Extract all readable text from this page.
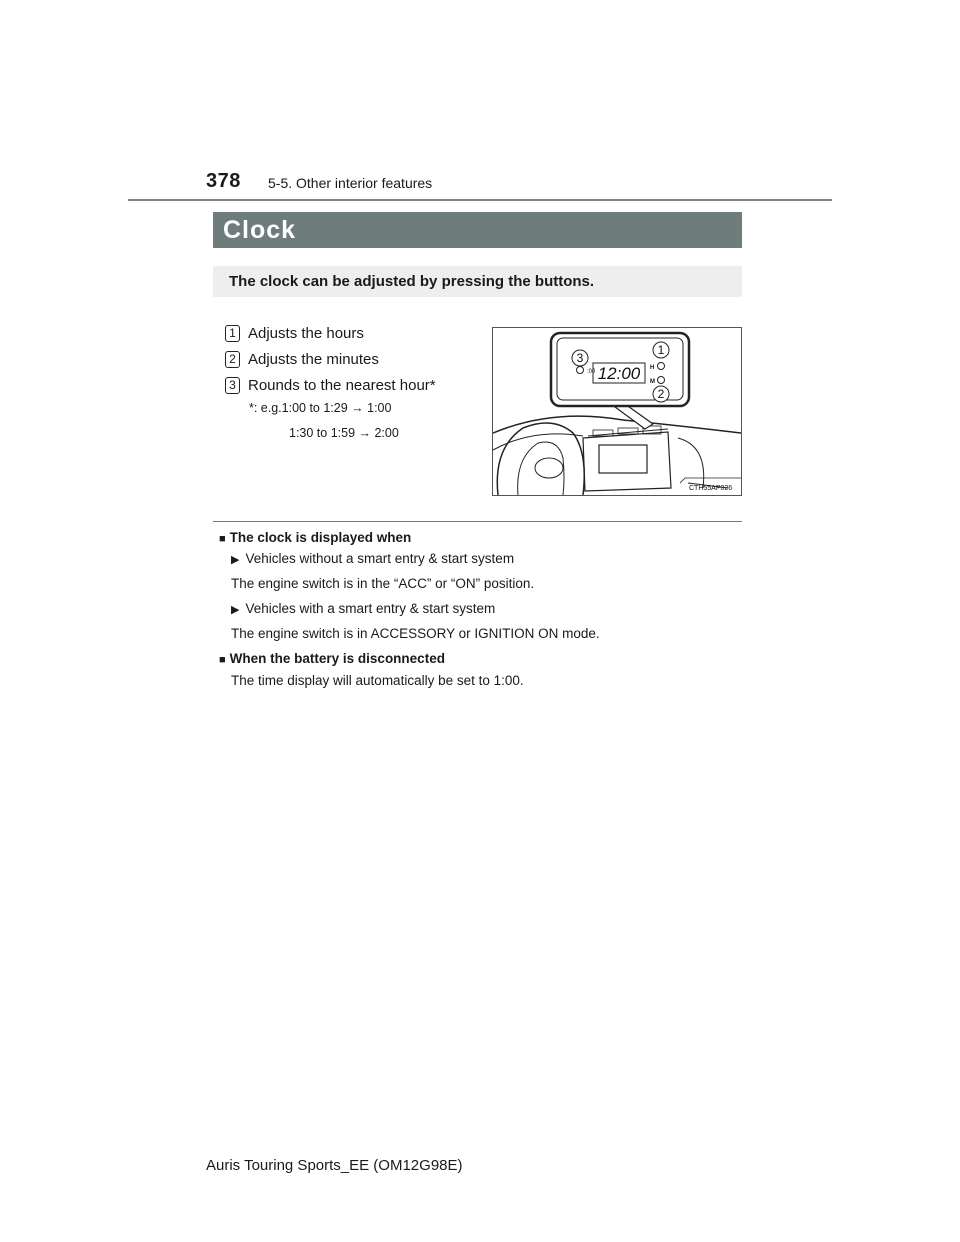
378 5-5. Other interior features
Clock
The clock can be adjusted by pressing the buttons.
1 Adjusts the hours
2 Adjusts the minutes
3 Rounds to the nearest hour*
*: e.g.1:00 to 1:29 → 1:00
1:30 to 1:59 → 2:00
12:00
:00
H
M
3
1
2
CTH55AP026
■ The clock is displayed when
▶ Vehicles without a smart entry & start system
The engine switch is in the “ACC” or “ON” position.
▶ Vehicles with a smart entry & start system
The engine switch is in ACCESSORY or IGNITION ON mode.
■ When the battery is disconnected
The time display will automatically be set to 1:00.
Auris Touring Sports_EE (OM12G98E)
